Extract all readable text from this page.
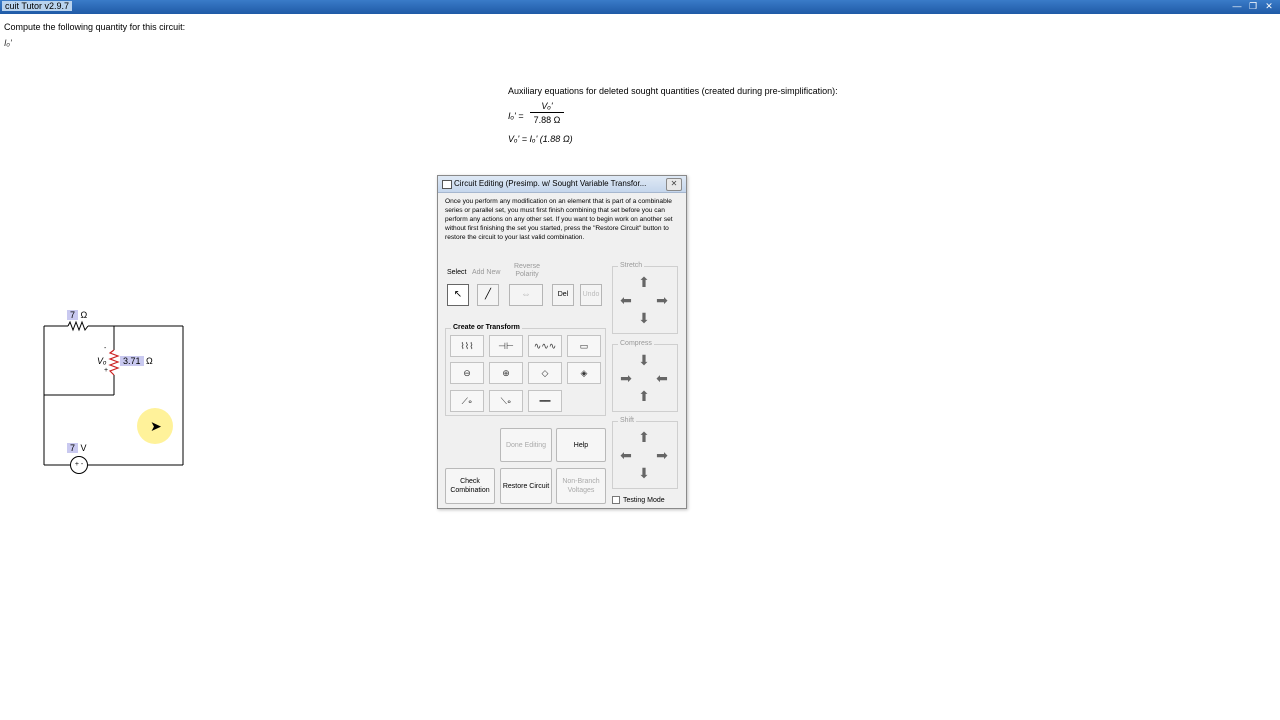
cuit Tutor v2.9.7	— ❐ ✕
Compute the following quantity for this circuit:
Iₒ'
Auxiliary equations for deleted sought quantities (created during pre-simplification):
$I_o' = \frac{\text{Vₒ'}}{7.88 \Omega}$
Vₒ' = Iₒ' (1.88 Ω)
7 Ω
Vₒ
-
+
3.71 Ω
7 V
+ -
➤
Circuit Editing (Presimp. w/ Sought Variable Transfor...	✕
Once you perform any modification on an element that is part of a combinable series or parallel set, you must first finish combining that set before you can perform any actions on any other set. If you want to begin work on another set without first finishing the set you started, press the "Restore Circuit" button to restore the circuit to your last valid combination.
Select Add New
Reverse Polarity
↖	╱	⇔	Del	Undo
Create or Transform
⌇⌇⌇	⊣⊢	∿∿∿	▭
⊖	⊕	◇	◈
⟋∘	⟍∘	━━
Stretch
⬆
⬅ ➡
⬇
Compress
⬇
➡ ⬅
⬆
Shift
⬆
⬅ ➡
⬇
Done Editing	Help
Check Combination
Restore Circuit
Non-Branch Voltages
Testing Mode
